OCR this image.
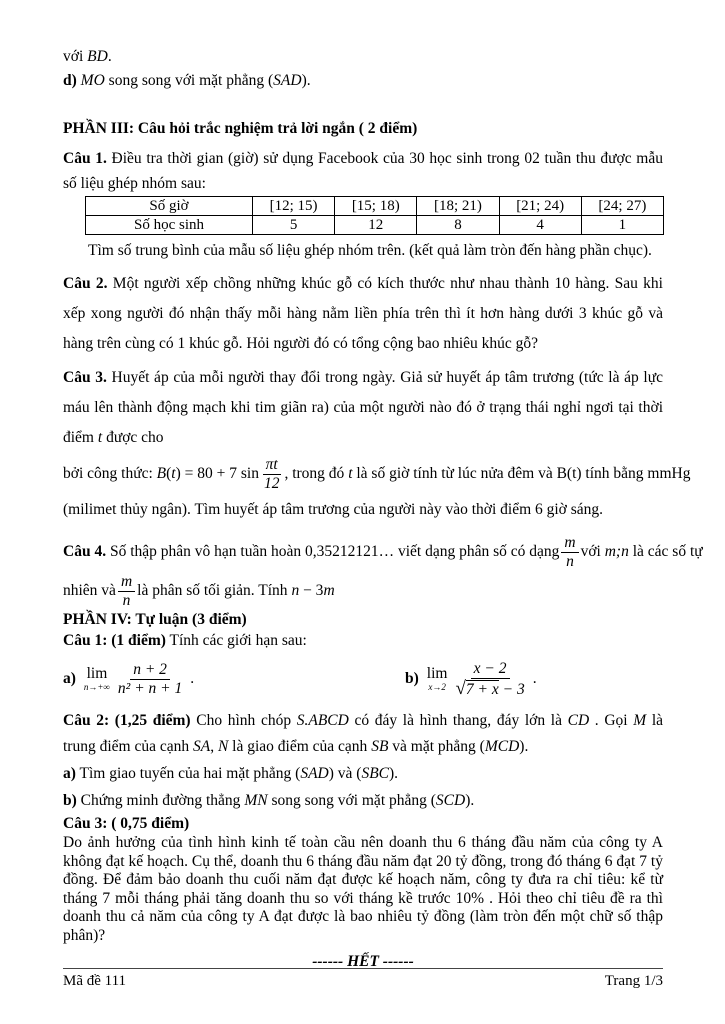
với BD.

d) MO song song với mặt phẳng (SAD).

PHẦN III: Câu hỏi trắc nghiệm trả lời ngắn ( 2 điểm)

Câu 1. Điều tra thời gian (giờ) sử dụng Facebook của 30 học sinh trong 02 tuần thu được mẫu số liệu ghép nhóm sau:

Số giờ	[12; 15)	[15; 18)	[18; 21)	[21; 24)	[24; 27)
Số học sinh	5	12	8	4	1

Tìm số trung bình của mẫu số liệu ghép nhóm trên. (kết quả làm tròn đến hàng phần chục).

Câu 2. Một người xếp chồng những khúc gỗ có kích thước như nhau thành 10 hàng. Sau khi xếp xong người đó nhận thấy mỗi hàng nằm liền phía trên thì ít hơn hàng dưới 3 khúc gỗ và hàng trên cùng có 1 khúc gỗ. Hỏi người đó có tổng cộng bao nhiêu khúc gỗ?

Câu 3. Huyết áp của mỗi người thay đổi trong ngày. Giả sử huyết áp tâm trương (tức là áp lực máu lên thành động mạch khi tim giãn ra) của một người nào đó ở trạng thái nghỉ ngơi tại thời điểm t được cho

bởi công thức: B(t) = 80 + 7 $\sin \frac{\pi t}{12}$ , trong đó t là số giờ tính từ lúc nửa đêm và B(t) tính bằng mmHg

(milimet thủy ngân). Tìm huyết áp tâm trương của người này vào thời điểm 6 giờ sáng.

Câu 4. Số thập phân vô hạn tuần hoàn 0,35212121… viết dạng phân số có dạng $\frac{m}{n}$ với m;n là các số tự
nhiên và $\frac{m}{n}$ là phân số tối giản. Tính n − 3m

PHẦN IV: Tự luận (3 điểm)

Câu 1: (1 điểm) Tính các giới hạn sau:

a) lim
$n\to+\infty \frac{n + 2}{\text{n² + n + 1}}$ .	b) lim
$x\to 2 \frac{x - 2}{√7 + x - 3}$ .

Câu 2: (1,25 điểm) Cho hình chóp S.ABCD có đáy là hình thang, đáy lớn là CD . Gọi M là trung điểm của cạnh SA, N là giao điểm của cạnh SB và mặt phẳng (MCD).

a) Tìm giao tuyến của hai mặt phẳng (SAD) và (SBC).

b) Chứng minh đường thẳng MN song song với mặt phẳng (SCD).

Câu 3: ( 0,75 điểm)

Do ảnh hưởng của tình hình kinh tế toàn cầu nên doanh thu 6 tháng đầu năm của công ty A không đạt kế hoạch. Cụ thể, doanh thu 6 tháng đầu năm đạt 20 tỷ đồng, trong đó tháng 6 đạt 7 tỷ đồng. Để đảm bảo doanh thu cuối năm đạt được kế hoạch năm, công ty đưa ra chỉ tiêu: kể từ tháng 7 mỗi tháng phải tăng doanh thu so với tháng kề trước 10% . Hỏi theo chỉ tiêu đề ra thì doanh thu cả năm của công ty A đạt được là bao nhiêu tỷ đồng (làm tròn đến một chữ số thập phân)?

------ HẾT ------

Mã đề 111	Trang 1/3
